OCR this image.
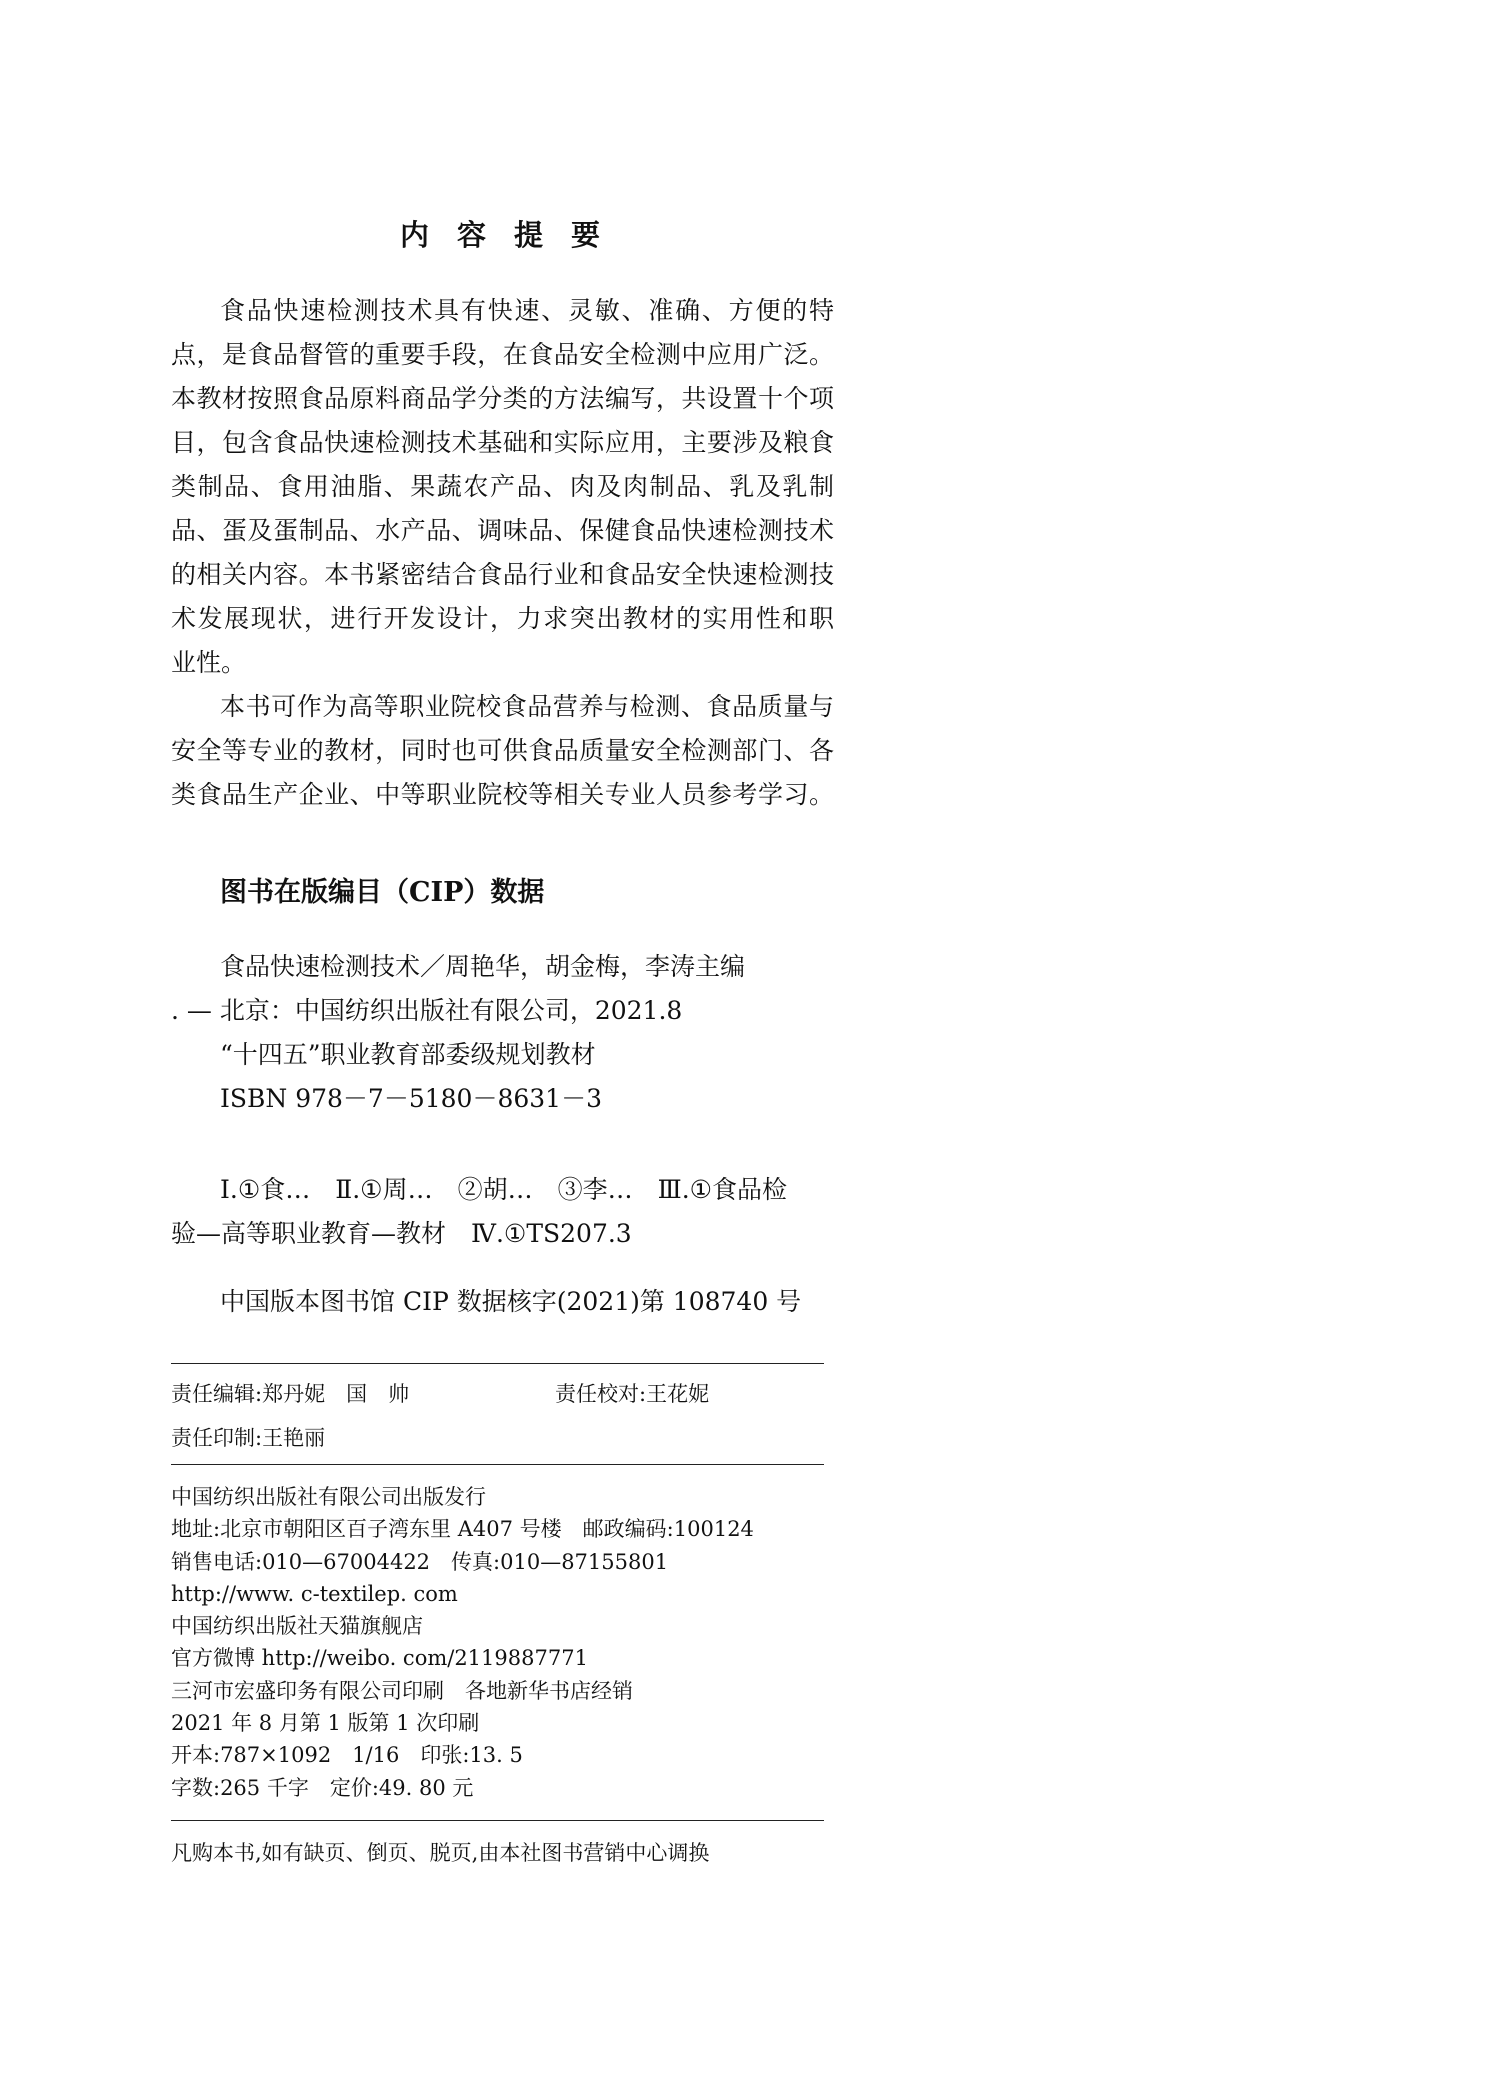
内 容 提 要
食品快速检测技术具有快速、灵敏、准确、方便的特
点，是食品督管的重要手段，在食品安全检测中应用广泛。
本教材按照食品原料商品学分类的方法编写，共设置十个项
目，包含食品快速检测技术基础和实际应用，主要涉及粮食
类制品、食用油脂、果蔬农产品、肉及肉制品、乳及乳制
品、蛋及蛋制品、水产品、调味品、保健食品快速检测技术
的相关内容。本书紧密结合食品行业和食品安全快速检测技
术发展现状，进行开发设计，力求突出教材的实用性和职
业性。
本书可作为高等职业院校食品营养与检测、食品质量与
安全等专业的教材，同时也可供食品质量安全检测部门、各
类食品生产企业、中等职业院校等相关专业人员参考学习。
图书在版编目（CIP）数据
食品快速检测技术／周艳华，胡金梅，李涛主编
. — 北京：中国纺织出版社有限公司，2021.8
“十四五”职业教育部委级规划教材
ISBN 978－7－5180－8631－3
Ⅰ.①食…　Ⅱ.①周…　②胡…　③李…　Ⅲ.①食品检
验—高等职业教育—教材　Ⅳ.①TS207.3
中国版本图书馆 CIP 数据核字(2021)第 108740 号
责任编辑:郑丹妮　国　帅	责任校对:王花妮
责任印制:王艳丽
中国纺织出版社有限公司出版发行
地址:北京市朝阳区百子湾东里 A407 号楼　邮政编码:100124
销售电话:010—67004422　传真:010—87155801
http://www. c-textilep. com
中国纺织出版社天猫旗舰店
官方微博 http://weibo. com/2119887771
三河市宏盛印务有限公司印刷　各地新华书店经销
2021 年 8 月第 1 版第 1 次印刷
开本:787×1092　1/16　印张:13. 5
字数:265 千字　定价:49. 80 元
凡购本书,如有缺页、倒页、脱页,由本社图书营销中心调换
